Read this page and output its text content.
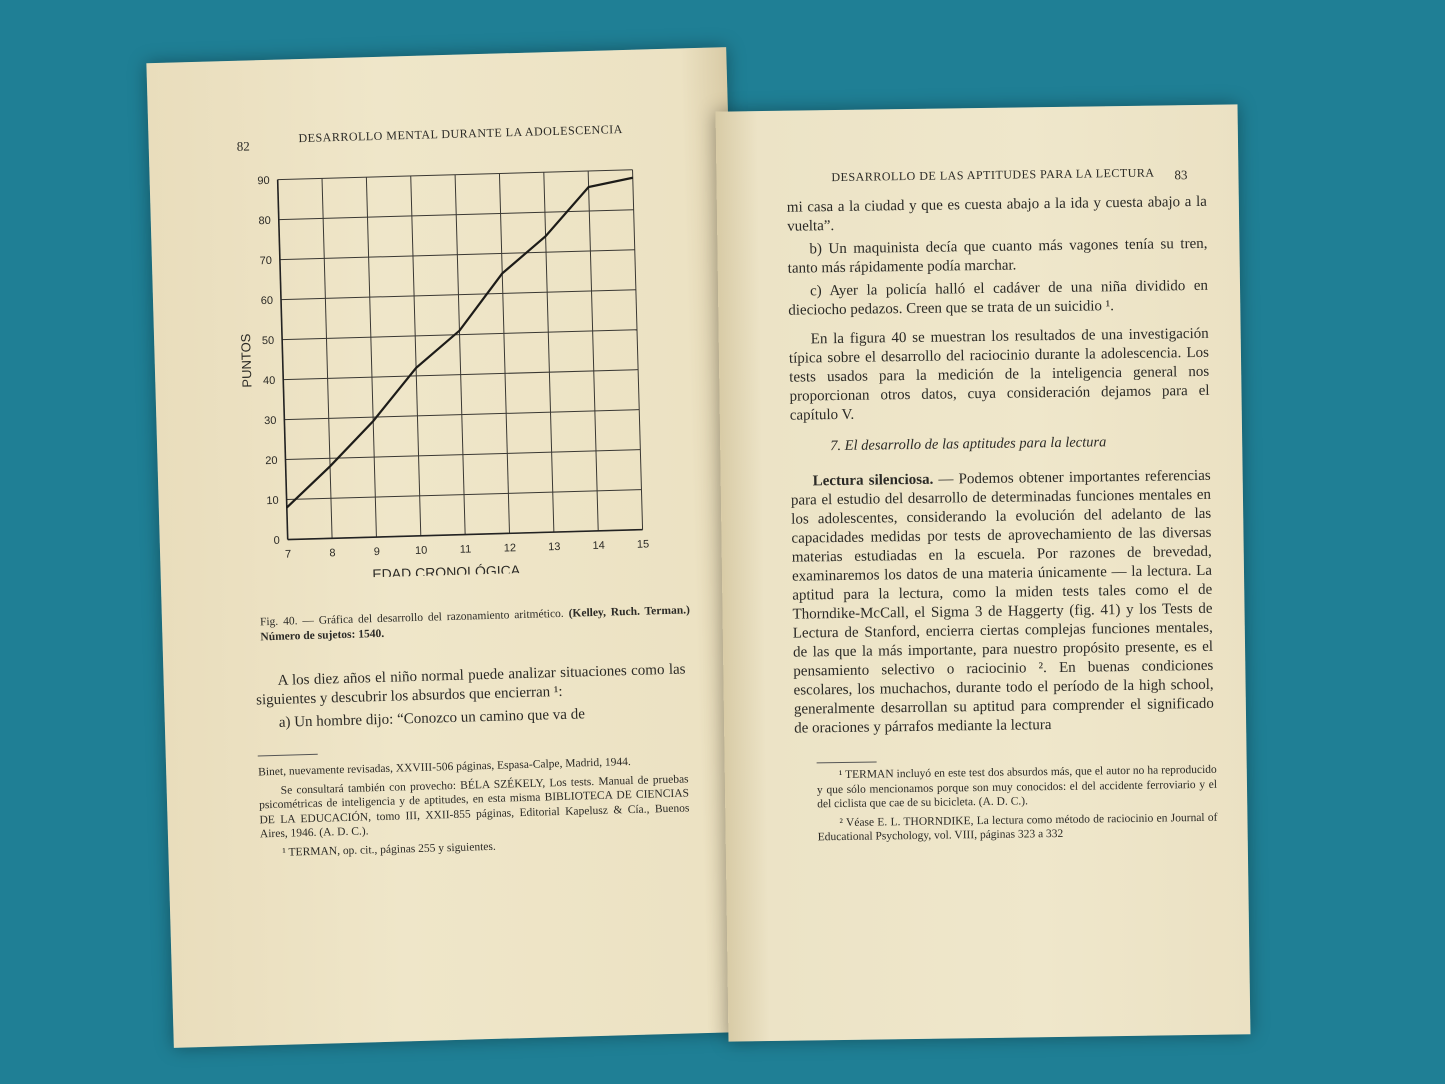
82
DESARROLLO MENTAL DURANTE LA ADOLESCENCIA
7	8	9	10	11	12	13	14	15
0
10
20
30
40
50
60
70
80
90
EDAD CRONOLÓGICA
PUNTOS
Fig. 40. — Gráfica del desarrollo del razonamiento aritmético. (Kelley, Ruch. Terman.) Número de sujetos: 1540.

A los diez años el niño normal puede analizar situaciones como las siguientes y descubrir los absurdos que encierran ¹:

a) Un hombre dijo: “Conozco un camino que va de

Binet, nuevamente revisadas, XXVIII-506 páginas, Espasa-Calpe, Madrid, 1944.

Se consultará también con provecho: BÉLA SZÉKELY, Los tests. Manual de pruebas psicométricas de inteligencia y de aptitudes, en esta misma BIBLIOTECA DE CIENCIAS DE LA EDUCACIÓN, tomo III, XXII-855 páginas, Editorial Kapelusz & Cía., Buenos Aires, 1946. (A. D. C.).

¹ TERMAN, op. cit., páginas 255 y siguientes.

DESARROLLO DE LAS APTITUDES PARA LA LECTURA 83

mi casa a la ciudad y que es cuesta abajo a la ida y cuesta abajo a la vuelta”.

b) Un maquinista decía que cuanto más vagones tenía su tren, tanto más rápidamente podía marchar.

c) Ayer la policía halló el cadáver de una niña dividido en dieciocho pedazos. Creen que se trata de un suicidio ¹.

En la figura 40 se muestran los resultados de una investigación típica sobre el desarrollo del raciocinio durante la adolescencia. Los tests usados para la medición de la inteligencia general nos proporcionan otros datos, cuya consideración dejamos para el capítulo V.

7. El desarrollo de las aptitudes para la lectura

Lectura silenciosa. — Podemos obtener importantes referencias para el estudio del desarrollo de determinadas funciones mentales en los adolescentes, considerando la evolución del adelanto de las capacidades medidas por tests de aprovechamiento de las diversas materias estudiadas en la escuela. Por razones de brevedad, examinaremos los datos de una materia únicamente — la lectura. La aptitud para la lectura, como la miden tests tales como el de Thorndike-McCall, el Sigma 3 de Haggerty (fig. 41) y los Tests de Lectura de Stanford, encierra ciertas complejas funciones mentales, de las que la más importante, para nuestro propósito presente, es el pensamiento selectivo o raciocinio ². En buenas condiciones escolares, los muchachos, durante todo el período de la high school, generalmente desarrollan su aptitud para comprender el significado de oraciones y párrafos mediante la lectura

¹ TERMAN incluyó en este test dos absurdos más, que el autor no ha reproducido y que sólo mencionamos porque son muy conocidos: el del accidente ferroviario y el del ciclista que cae de su bicicleta. (A. D. C.).

² Véase E. L. THORNDIKE, La lectura como método de raciocinio en Journal of Educational Psychology, vol. VIII, páginas 323 a 332
